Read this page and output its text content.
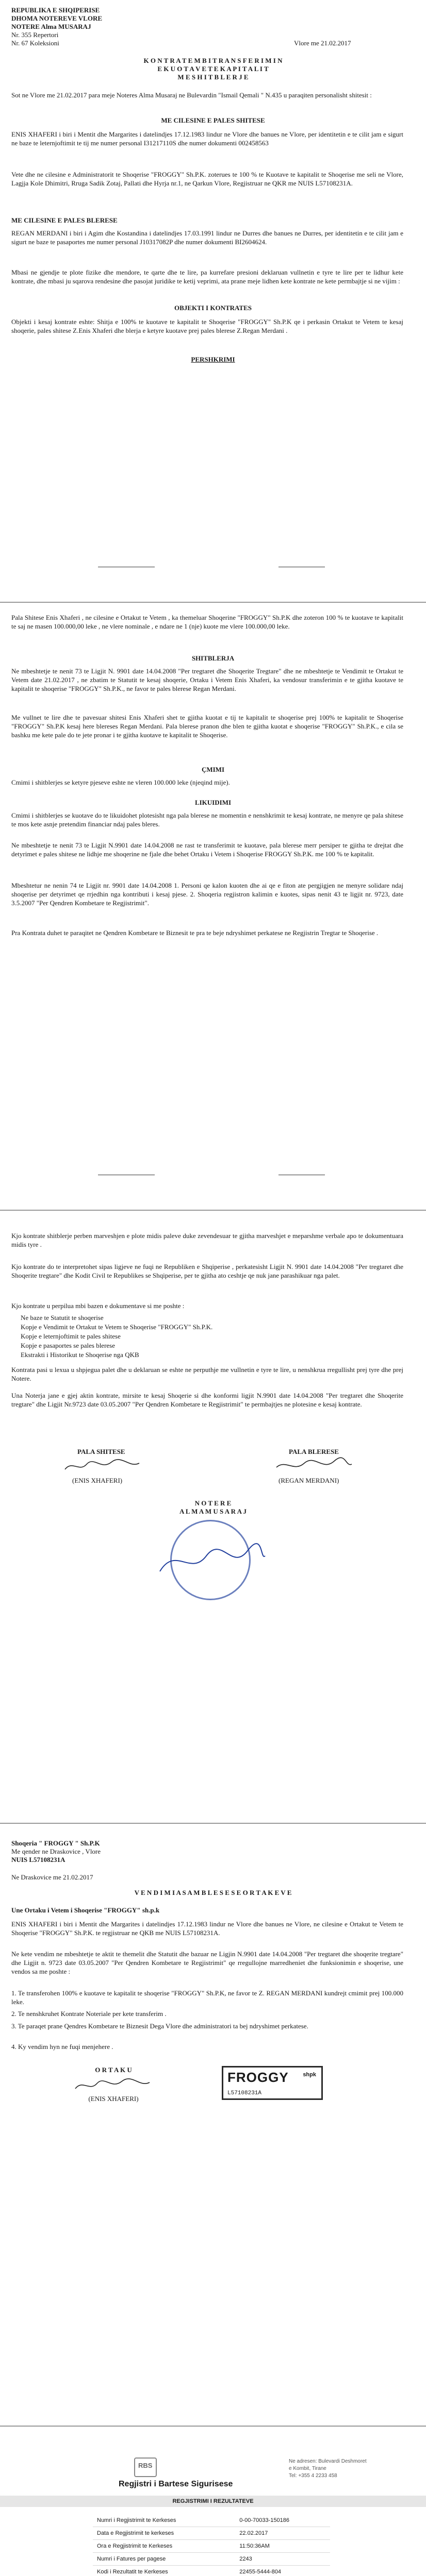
REPUBLIKA E SHQIPERISE
DHOMA NOTEREVE VLORE
NOTERE Alma MUSARAJ
Nr. 355 Repertori
Nr. 67 Koleksioni	Vlore me 21.02.2017
K O N T R A T E M B I T R A N S F E R I M I N
E K U O T A V E T E K A P I T A L I T
M E S H I T B L E R J E
Sot ne Vlore me 21.02.2017 para meje Noteres Alma Musaraj ne Bulevardin "Ismail Qemali " N.435 u paraqiten personalisht shitesit :
ME CILESINE E PALES SHITESE
ENIS XHAFERI i biri i Mentit dhe Margarites i datelindjes 17.12.1983 lindur ne Vlore dhe banues ne Vlore, per identitetin e te cilit jam e sigurt ne baze te leternjoftimit te tij me numer personal I31217110S dhe numer dokumenti 002458563
Vete dhe ne cilesine e Administratorit te Shoqerise "FROGGY" Sh.P.K. zoterues te 100 % te Kuotave te kapitalit te Shoqerise me seli ne Vlore, Lagjja Kole Dhimitri, Rruga Sadik Zotaj, Pallati dhe Hyrja nr.1, ne Qarkun Vlore, Regjistruar ne QKR me NUIS L57108231A.
ME CILESINE E PALES BLERESE
REGAN MERDANI i biri i Agim dhe Kostandina i datelindjes 17.03.1991 lindur ne Durres dhe banues ne Durres, per identitetin e te cilit jam e sigurt ne baze te pasaportes me numer personal J10317082P dhe numer dokumenti BI2604624.
Mbasi ne gjendje te plote fizike dhe mendore, te qarte dhe te lire, pa kurrefare presioni deklaruan vullnetin e tyre te lire per te lidhur kete kontrate, dhe mbasi ju sqarova rendesine dhe pasojat juridike te ketij veprimi, ata prane meje lidhen kete kontrate ne kete permbajtje si ne vijim :
OBJEKTI I KONTRATES
Objekti i kesaj kontrate eshte: Shitja e 100% te kuotave te kapitalit te Shoqerise "FROGGY" Sh.P.K qe i perkasin Ortakut te Vetem te kesaj shoqerie, pales shitese Z.Enis Xhaferi dhe blerja e ketyre kuotave prej pales blerese Z.Regan Merdani .
PERSHKRIMI
Pala Shitese Enis Xhaferi , ne cilesine e Ortakut te Vetem , ka themeluar Shoqerine "FROGGY" Sh.P.K dhe zoteron 100 % te kuotave te kapitalit te saj ne masen 100.000,00 leke , ne vlere nominale , e ndare ne 1 (nje) kuote me vlere 100.000,00 leke.
SHITBLERJA
Ne mbeshtetje te nenit 73 te Ligjit N. 9901 date 14.04.2008 "Per tregtaret dhe Shoqerite Tregtare" dhe ne mbeshtetje te Vendimit te Ortakut te Vetem date 21.02.2017 , ne zbatim te Statutit te kesaj shoqerie, Ortaku i Vetem Enis Xhaferi, ka vendosur transferimin e te gjitha kuotave te kapitalit te shoqerise "FROGGY" Sh.P.K., ne favor te pales blerese Regan Merdani.
Me vullnet te lire dhe te pavesuar shitesi Enis Xhaferi shet te gjitha kuotat e tij te kapitalit te shoqerise prej 100% te kapitalit te Shoqerise "FROGGY" Sh.P.K kesaj here blereses Regan Merdani. Pala blerese pranon dhe blen te gjitha kuotat e shoqerise "FROGGY" Sh.P.K., e cila se bashku me kete pale do te jete pronar i te gjitha kuotave te kapitalit te Shoqerise.
ÇMIMI
Cmimi i shitblerjes se ketyre pjeseve eshte ne vleren 100.000 leke (njeqind mije).
LIKUIDIMI
Cmimi i shitblerjes se kuotave do te likuidohet plotesisht nga pala blerese ne momentin e nenshkrimit te kesaj kontrate, ne menyre qe pala shitese te mos kete asnje pretendim financiar ndaj pales bleres.
Ne mbeshtetje te nenit 73 te Ligjit N.9901 date 14.04.2008 ne rast te transferimit te kuotave, pala blerese merr persiper te gjitha te drejtat dhe detyrimet e pales shitese ne lidhje me shoqerine ne fjale dhe behet Ortaku i Vetem i Shoqerise FROGGY Sh.P.K. me 100 % te kapitalit.
Mbeshtetur ne nenin 74 te Ligjit nr. 9901 date 14.04.2008 1. Personi qe kalon kuoten dhe ai qe e fiton ate pergjigjen ne menyre solidare ndaj shoqerise per detyrimet qe rrjedhin nga kontributi i kesaj pjese. 2. Shoqeria regjistron kalimin e kuotes, sipas nenit 43 te ligjit nr. 9723, date 3.5.2007 "Per Qendren Kombetare te Regjistrimit".
Pra Kontrata duhet te paraqitet ne Qendren Kombetare te Biznesit te pra te beje ndryshimet perkatese ne Regjistrin Tregtar te Shoqerise .
Kjo kontrate shitblerje perben marveshjen e plote midis paleve duke zevendesuar te gjitha marveshjet e meparshme verbale apo te dokumentuara midis tyre .
Kjo kontrate do te interpretohet sipas ligjeve ne fuqi ne Republiken e Shqiperise , perkatesisht Ligjit N. 9901 date 14.04.2008 "Per tregtaret dhe Shoqerite tregtare" dhe Kodit Civil te Republikes se Shqiperise, per te gjitha ato ceshtje qe nuk jane parashikuar nga palet.
Kjo kontrate u perpilua mbi bazen e dokumentave si me poshte :
Ne baze te Statutit te shoqerise
Kopje e Vendimit te Ortakut te Vetem te Shoqerise "FROGGY" Sh.P.K.
Kopje e leternjoftimit te pales shitese
Kopje e pasaportes se pales blerese
Ekstrakti i Historikut te Shoqerise nga QKB
Kontrata pasi u lexua u shpjegua palet dhe u deklaruan se eshte ne perputhje me vullnetin e tyre te lire, u nenshkrua rregullisht prej tyre dhe prej Notere.
Una Noterja jane e gjej aktin kontrate, mirsite te kesaj Shoqerie si dhe konformi ligjit N.9901 date 14.04.2008 "Per tregtaret dhe Shoqerite tregtare" dhe Ligjit Nr.9723 date 03.05.2007 "Per Qendren Kombetare te Regjistrimit" te permbajtjes ne plotesine e kesaj kontrate.
PALA SHITESE	PALA BLERESE
(ENIS XHAFERI)	(REGAN MERDANI)
N O T E R E
A L M A M U S A R A J
Shoqeria " FROGGY " Sh.P.K
Me qender ne Draskovice , Vlore
NUIS L57108231A
Ne Draskovice me 21.02.2017
V E N D I M I A S A M B L E S E S E O R T A K E V E
Une Ortaku i Vetem i Shoqerise "FROGGY" sh.p.k
ENIS XHAFERI i biri i Mentit dhe Margarites i datelindjes 17.12.1983 lindur ne Vlore dhe banues ne Vlore, ne cilesine e Ortakut te Vetem te Shoqerise "FROGGY" Sh.P.K. te regjistruar ne QKB me NUIS L57108231A.
Ne kete vendim ne mbeshtetje te aktit te themelit dhe Statutit dhe bazuar ne Ligjin N.9901 date 14.04.2008 "Per tregtaret dhe shoqerite tregtare" dhe Ligjit n. 9723 date 03.05.2007 "Per Qendren Kombetare te Regjistrimit" qe rregullojne marredheniet dhe funksionimin e shoqerise, une vendos sa me poshte :
1. Te transferohen 100% e kuotave te kapitalit te shoqerise "FROGGY" Sh.P.K, ne favor te Z. REGAN MERDANI kundrejt cmimit prej 100.000 leke.
2. Te nenshkruhet Kontrate Noteriale per kete transferim .
3. Te paraqet prane Qendres Kombetare te Biznesit Dega Vlore dhe administratori ta bej ndryshimet perkatese.
4. Ky vendim hyn ne fuqi menjehere .
O R T A K U
(ENIS XHAFERI)
FROGGY	shpk
L57108231A
RBS
Regjistri i Bartese Sigurisese
Ne adresen: Bulevardi Deshmoret
e Kombit, Tirane
Tel: +355 4 2233 458
REGJISTRIMI I REZULTATEVE
Numri i Regjistrimit te Kerkeses	0-00-70033-150186
Data e Regjistrimit te kerkeses	22.02.2017
Ora e Regjistrimit te Kerkeses	11:50:36AM
Numri i Fatures per pagese	2243
Kodi i Rezultatit te Kerkeses	22455-5444-804
